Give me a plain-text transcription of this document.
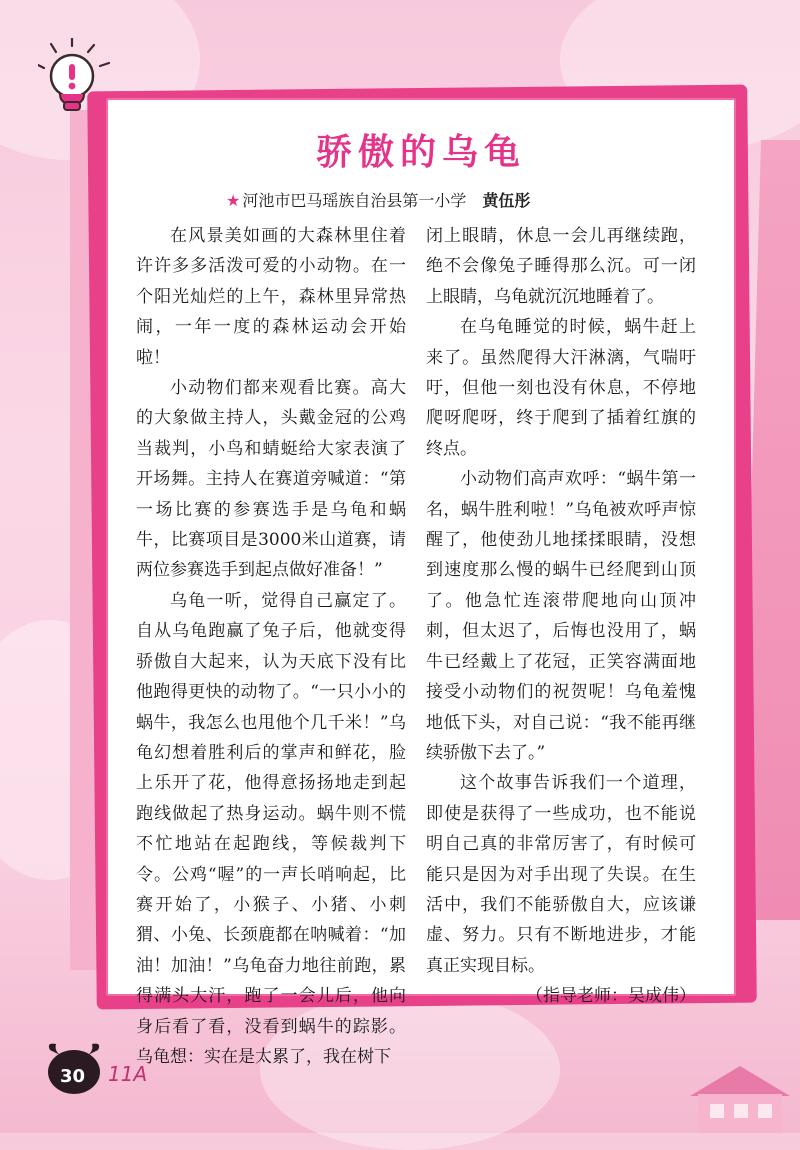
骄傲的乌龟
★ 河池市巴马瑶族自治县第一小学 黄伍彤

在风景美如画的大森林里住着许许多多活泼可爱的小动物。在一个阳光灿烂的上午，森林里异常热闹，一年一度的森林运动会开始啦！

小动物们都来观看比赛。高大的大象做主持人，头戴金冠的公鸡当裁判，小鸟和蜻蜓给大家表演了开场舞。主持人在赛道旁喊道：“第一场比赛的参赛选手是乌龟和蜗牛，比赛项目是3000米山道赛，请两位参赛选手到起点做好准备！”

乌龟一听，觉得自己赢定了。自从乌龟跑赢了兔子后，他就变得骄傲自大起来，认为天底下没有比他跑得更快的动物了。“一只小小的蜗牛，我怎么也甩他个几千米！”乌龟幻想着胜利后的掌声和鲜花，脸上乐开了花，他得意扬扬地走到起跑线做起了热身运动。蜗牛则不慌不忙地站在起跑线，等候裁判下令。公鸡“喔”的一声长哨响起，比赛开始了，小猴子、小猪、小刺猬、小兔、长颈鹿都在呐喊着：“加油！加油！”乌龟奋力地往前跑，累得满头大汗，跑了一会儿后，他向身后看了看，没看到蜗牛的踪影。乌龟想：实在是太累了，我在树下

闭上眼睛，休息一会儿再继续跑，绝不会像兔子睡得那么沉。可一闭上眼睛，乌龟就沉沉地睡着了。

在乌龟睡觉的时候，蜗牛赶上来了。虽然爬得大汗淋漓，气喘吁吁，但他一刻也没有休息，不停地爬呀爬呀，终于爬到了插着红旗的终点。

小动物们高声欢呼：“蜗牛第一名，蜗牛胜利啦！”乌龟被欢呼声惊醒了，他使劲儿地揉揉眼睛，没想到速度那么慢的蜗牛已经爬到山顶了。他急忙连滚带爬地向山顶冲刺，但太迟了，后悔也没用了，蜗牛已经戴上了花冠，正笑容满面地接受小动物们的祝贺呢！乌龟羞愧地低下头，对自己说：“我不能再继续骄傲下去了。”

这个故事告诉我们一个道理，即使是获得了一些成功，也不能说明自己真的非常厉害了，有时候可能只是因为对手出现了失误。在生活中，我们不能骄傲自大，应该谦虚、努力。只有不断地进步，才能真正实现目标。

（指导老师：吴成伟）

30 11A
